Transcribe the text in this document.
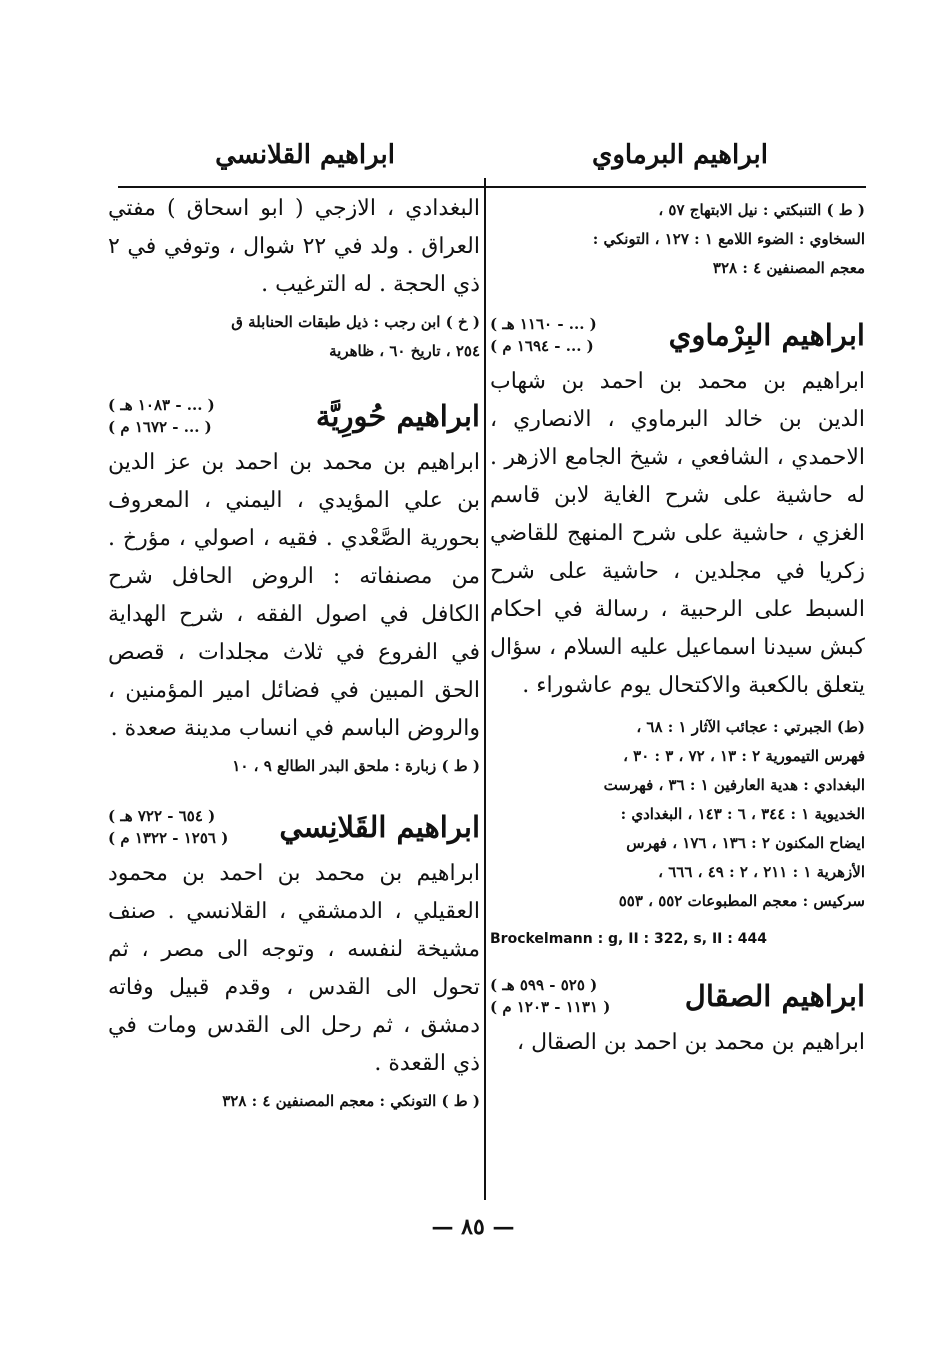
ابراهيم البرماوي
ابراهيم القلانسي

( ط ) التنبكتي : نيل الابتهاج ٥٧ ،

السخاوي : الضوء اللامع ١ : ١٢٧ ، التونكي :

معجم المصنفين ٤ : ٣٢٨

ابراهيم البِرْماوي
( ... - ١١٦٠ هـ )
( ... - ١٦٩٤ م )

ابراهيم بن محمد بن احمد بن شهاب الدين بن خالد البرماوي ، الانصاري ، الاحمدي ، الشافعي ، شيخ الجامع الازهر . له حاشية على شرح الغاية لابن قاسم الغزي ، حاشية على شرح المنهج للقاضي زكريا في مجلدين ، حاشية على شرح السبط على الرحبية ، رسالة في احكام كبش سيدنا اسماعيل عليه السلام ، سؤال يتعلق بالكعبة والاكتحال يوم عاشوراء .

(ط) الجبرتي : عجائب الآثار ١ : ٦٨ ،

فهرس التيمورية ٢ : ١٣ ، ٧٢ ، ٣ : ٣٠ ،

البغدادي : هدية العارفين ١ : ٣٦ ، فهرست

الخديوية ١ : ٣٤٤ ، ٦ : ١٤٣ ، البغدادي :

ايضاح المكنون ٢ : ١٣٦ ، ١٧٦ ، فهرس

الأزهرية ١ : ٢١١ ، ٢ : ٤٩ ، ٦٦٦ ،

سركيس : معجم المطبوعات ٥٥٢ ، ٥٥٣

Brockelmann : g, II : 322, s, II : 444

ابراهيم الصقال
( ٥٢٥ - ٥٩٩ هـ )
( ١١٣١ - ١٢٠٣ م )

ابراهيم بن محمد بن احمد بن الصقال ،

البغدادي ، الازجي ( ابو اسحاق ) مفتي العراق . ولد في ٢٢ شوال ، وتوفي في ٢ ذي الحجة . له الترغيب .

( خ ) ابن رجب : ذيل طبقات الحنابلة ق

٢٥٤ ، تاريخ ٦٠ ، ظاهرية

ابراهيم حُورِيَّة
( ... - ١٠٨٣ هـ )
( ... - ١٦٧٢ م )

ابراهيم بن محمد بن احمد بن عز الدين بن علي المؤيدي ، اليمني ، المعروف بحورية الصَّعْدي . فقيه ، اصولي ، مؤرخ . من مصنفاته : الروض الحافل شرح الكافل في اصول الفقه ، شرح الهداية في الفروع في ثلاث مجلدات ، قصص الحق المبين في فضائل امير المؤمنين ، والروض الباسم في انساب مدينة صعدة .

( ط ) زبارة : ملحق البدر الطالع ٩ ، ١٠

ابراهيم القَلانِسي
( ٦٥٤ - ٧٢٢ هـ )
( ١٢٥٦ - ١٣٢٢ م )

ابراهيم بن محمد بن احمد بن محمود العقيلي ، الدمشقي ، القلانسي . صنف مشيخة لنفسه ، وتوجه الى مصر ، ثم تحول الى القدس ، وقدم قبيل وفاته دمشق ، ثم رحل الى القدس ومات في ذي القعدة .

( ط ) التونكي : معجم المصنفين ٤ : ٣٢٨

— ٨٥ —
